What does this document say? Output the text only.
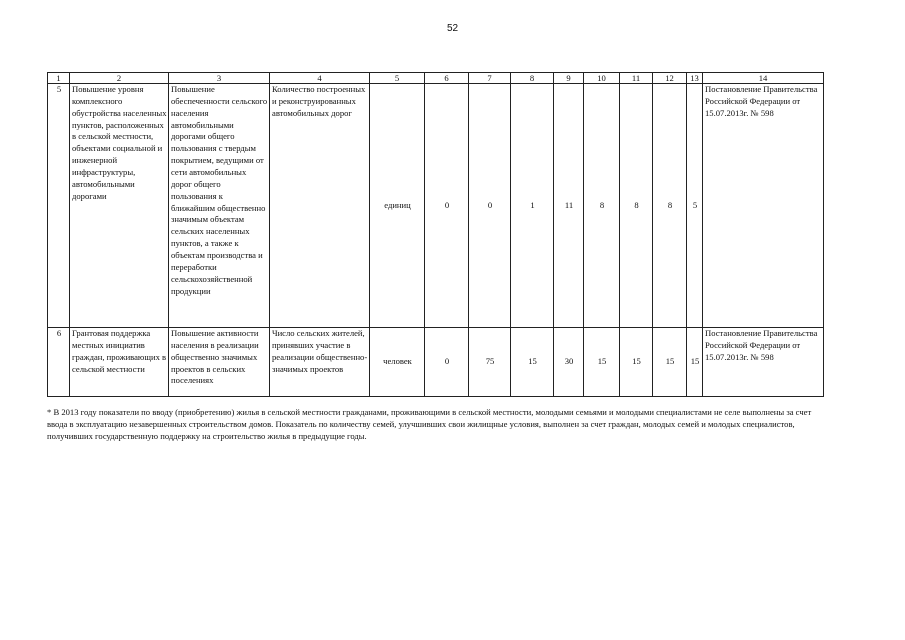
52
1	2	3	4	5	6	7	8	9	10	11	12	13	14
5	Повышение уровня комплексного обустройства населенных пунктов, расположенных в сельской местности, объектами социальной и инженерной инфраструктуры, автомобильными дорогами	Повышение обеспеченности сельского населения автомобильными дорогами общего пользования с твердым покрытием, ведущими от сети автомобильных дорог общего пользования к ближайшим общественно значимым объектам сельских населенных пунктов, а также к объектам производства и переработки сельскохозяйственной продукции	Количество построенных и реконструированных автомобильных дорог	единиц	0	0	1	11	8	8	8	5	Постановление Правительства Российской Федерации от 15.07.2013г. № 598
6	Грантовая поддержка местных инициатив граждан, проживающих в сельской местности	Повышение активности населения в реализации общественно значимых проектов в сельских поселениях	Число сельских жителей, принявших участие в реализации общественно-значимых проектов	человек	0	75	15	30	15	15	15	15	Постановление Правительства Российской Федерации от 15.07.2013г. № 598
* В 2013 году показатели по вводу (приобретению) жилья в сельской местности гражданами, проживающими в сельской местности, молодыми семьями и молодыми специалистами не селе выполнены за счет ввода в эксплуатацию незавершенных строительством домов. Показатель по количеству семей, улучшивших свои жилищные условия, выполнен за счет граждан, молодых семей и молодых специалистов, получивших государственную поддержку на строительство жилья в предыдущие годы.
